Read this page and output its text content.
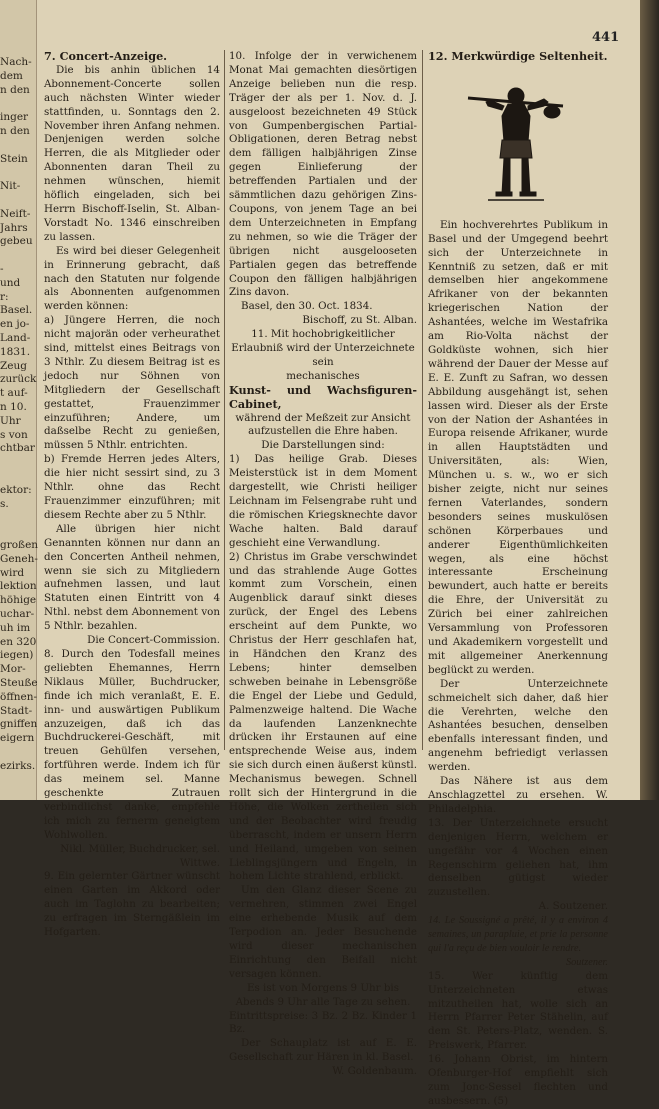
Nach-
dem
n den
inger
n den
Stein
Nit-
Neift-
Jahrs
gebeu
-
und
r:
Basel.
en jo-
Land-
1831.
Zeug
zurück
t auf-
n 10.
Uhr
s von
chtbar
ektor:
s.
großen
Geneh-
wird
lektion
höhige
uchar-
uh im
en 320
iegen)
Mor-
Steuße
öffnen-
Stadt-
gniffen
eigern
ezirks.
441

7. Concert-Anzeige.

Die bis anhin üblichen 14 Abonnement-Concerte sollen auch nächsten Winter wieder stattfinden, u. Sonntags den 2. November ihren Anfang nehmen. Denjenigen werden solche Herren, die als Mitglieder oder Abonnenten daran Theil zu nehmen wünschen, hiemit höflich eingeladen, sich bei Herrn Bischoff-Iselin, St. Alban-Vorstadt No. 1346 einschreiben zu lassen.

Es wird bei dieser Gelegenheit in Erinnerung gebracht, daß nach den Statuten nur folgende als Abonnenten aufgenommen werden können:

a) Jüngere Herren, die noch nicht majorän oder verheurathet sind, mittelst eines Beitrags von 3 Nthlr. Zu diesem Beitrag ist es jedoch nur Söhnen von Mitgliedern der Gesellschaft gestattet, Frauenzimmer einzuführen; Andere, um daßselbe Recht zu genießen, müssen 5 Nthlr. entrichten.

b) Fremde Herren jedes Alters, die hier nicht sessirt sind, zu 3 Nthlr. ohne das Recht Frauenzimmer einzuführen; mit diesem Rechte aber zu 5 Nthlr.

Alle übrigen hier nicht Genannten können nur dann an den Concerten Antheil nehmen, wenn sie sich zu Mitgliedern aufnehmen lassen, und laut Statuten einen Eintritt von 4 Nthl. nebst dem Abonnement von 5 Nthlr. bezahlen.

Die Concert-Commission.

8. Durch den Todesfall meines geliebten Ehemannes, Herrn Niklaus Müller, Buchdrucker, finde ich mich veranlaßt, E. E. inn- und auswärtigen Publikum anzuzeigen, daß ich das Buchdruckerei-Geschäft, mit treuen Gehülfen versehen, fortführen werde. Indem ich für das meinem sel. Manne geschenkte Zutrauen verbindlichst danke, empfehle ich mich zu fernerm geneigtem Wohlwollen.

Nikl. Müller, Buchdrucker, sel. Wittwe.

9. Ein gelernter Gärtner wünscht einen Garten im Akkord oder auch im Taglohn zu bearbeiten; zu erfragen im Sterngäßlein im Hofgarten.

10. Infolge der in verwichenem Monat Mai gemachten diesörtigen Anzeige belieben nun die resp. Träger der als per 1. Nov. d. J. ausgeloost bezeichneten 49 Stück von Gumpenbergischen Partial-Obligationen, deren Betrag nebst dem fälligen halbjährigen Zinse gegen Einlieferung der betreffenden Partialen und der sämmtlichen dazu gehörigen Zins-Coupons, von jenem Tage an bei dem Unterzeichneten in Empfang zu nehmen, so wie die Träger der übrigen nicht ausgelooseten Partialen gegen das betreffende Coupon den fälligen halbjährigen Zins davon.

Basel, den 30. Oct. 1834.

Bischoff, zu St. Alban.

11. Mit hochobrigkeitlicher Erlaubniß wird der Unterzeichnete sein

mechanisches

Kunst- und Wachsfiguren-Cabinet,

während der Meßzeit zur Ansicht aufzustellen die Ehre haben.

Die Darstellungen sind:

1) Das heilige Grab. Dieses Meisterstück ist in dem Moment dargestellt, wie Christi heiliger Leichnam im Felsengrabe ruht und die römischen Kriegsknechte davor Wache halten. Bald darauf geschieht eine Verwandlung.

2) Christus im Grabe verschwindet und das strahlende Auge Gottes kommt zum Vorschein, einen Augenblick darauf sinkt dieses zurück, der Engel des Lebens erscheint auf dem Punkte, wo Christus der Herr geschlafen hat, in Händchen den Kranz des Lebens; hinter demselben schweben beinahe in Lebensgröße die Engel der Liebe und Geduld, Palmenzweige haltend. Die Wache da laufenden Lanzenknechte drücken ihr Erstaunen auf eine entsprechende Weise aus, indem sie sich durch einen äußerst künstl. Mechanismus bewegen. Schnell rollt sich der Hintergrund in die Höhe, die Wolken zertheilen sich und der Beobachter wird freudig überrascht, indem er unsern Herrn und Heiland, umgeben von seinen Lieblingsjüngern und Engeln, in hohem Lichte strahlend, erblickt.

Um den Glanz dieser Scene zu vermehren, stimmen zwei Engel eine erhebende Musik auf dem Terpodion an. Jeder Besuchende wird dieser mechanischen Einrichtung den Beifall nicht versagen können.

Es ist von Morgens 9 Uhr bis Abends 9 Uhr alle Tage zu sehen.

Eintrittspreise: 3 Bz. 2 Bz. Kinder 1 Bz.

Der Schauplatz ist auf E. E. Gesellschaft zur Hären in kl. Basel.

W. Goldenbaum.

12. Merkwürdige Seltenheit.

Ein hochverehrtes Publikum in Basel und der Umgegend beehrt sich der Unterzeichnete in Kenntniß zu setzen, daß er mit demselben hier angekommene Afrikaner von der bekannten kriegerischen Nation der Ashantées, welche im Westafrika am Rio-Volta nächst der Goldküste wohnen, sich hier während der Dauer der Messe auf E. E. Zunft zu Safran, wo dessen Abbildung ausgehängt ist, sehen lassen wird. Dieser als der Erste von der Nation der Ashantées in Europa reisende Afrikaner, wurde in allen Hauptstädten und Universitäten, als: Wien, München u. s. w., wo er sich bisher zeigte, nicht nur seines fernen Vaterlandes, sondern besonders seines muskulösen schönen Körperbaues und anderer Eigenthümlichkeiten wegen, als eine höchst interessante Erscheinung bewundert, auch hatte er bereits die Ehre, der Universität zu Zürich bei einer zahlreichen Versammlung von Professoren und Akademikern vorgestellt und mit allgemeiner Anerkennung beglückt zu werden.

Der Unterzeichnete schmeichelt sich daher, daß hier die Verehrten, welche den Ashantées besuchen, denselben ebenfalls interessant finden, und angenehm befriedigt verlassen werden.

Das Nähere ist aus dem Anschlagzettel zu ersehen. W. Philadelphia.

13. Der Unterzeichnete ersucht denjenigen Herrn, welchem er ungefähr vor 4 Wochen einen Regenschirm geliehen hat, ihm denselben gütigst wieder zuzustellen.

A. Soutzener.

14. Le Soussigné a prêté, il y a environ 4 semaines, un parapluie, et prie la personne qui l'a reçu de bien vouloir le rendre.

Soutzener.

15. Wer künftig dem Unterzeichneten etwas mitzutheilen hat, wolle sich an Herrn Pfarrer Peter Stähelin, auf dem St. Peters-Platz, wenden. S. Preiswerk, Pfarrer.

16. Johann Obrist, im hintern Ofenburger-Hof empfiehlt sich zum Jonc-Sessel flechten und ausbessern. (5)
